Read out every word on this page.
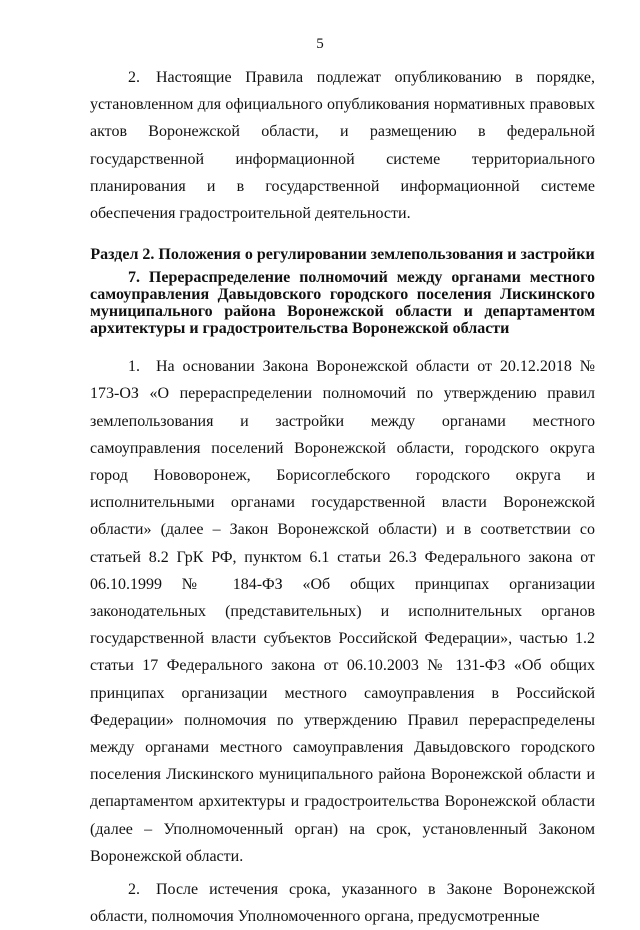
5

2. Настоящие Правила подлежат опубликованию в порядке, установленном для официального опубликования нормативных правовых актов Воронежской области, и размещению в федеральной государственной информационной системе территориального планирования и в государственной информационной системе обеспечения градостроительной деятельности.

Раздел 2. Положения о регулировании землепользования и застройки
7. Перераспределение полномочий между органами местного самоуправления Давыдовского городского поселения Лискинского муниципального района Воронежской области и департаментом архитектуры и градостроительства Воронежской области

1. На основании Закона Воронежской области от 20.12.2018 № 173-ОЗ «О перераспределении полномочий по утверждению правил землепользования и застройки между органами местного самоуправления поселений Воронежской области, городского округа город Нововоронеж, Борисоглебского городского округа и исполнительными органами государственной власти Воронежской области» (далее – Закон Воронежской области) и в соответствии со статьей 8.2 ГрК РФ, пунктом 6.1 статьи 26.3 Федерального закона от 06.10.1999 № 184-ФЗ «Об общих принципах организации законодательных (представительных) и исполнительных органов государственной власти субъектов Российской Федерации», частью 1.2 статьи 17 Федерального закона от 06.10.2003 № 131-ФЗ «Об общих принципах организации местного самоуправления в Российской Федерации» полномочия по утверждению Правил перераспределены между органами местного самоуправления Давыдовского городского поселения Лискинского муниципального района Воронежской области и департаментом архитектуры и градостроительства Воронежской области (далее – Уполномоченный орган) на срок, установленный Законом Воронежской области.

2. После истечения срока, указанного в Законе Воронежской области, полномочия Уполномоченного органа, предусмотренные
